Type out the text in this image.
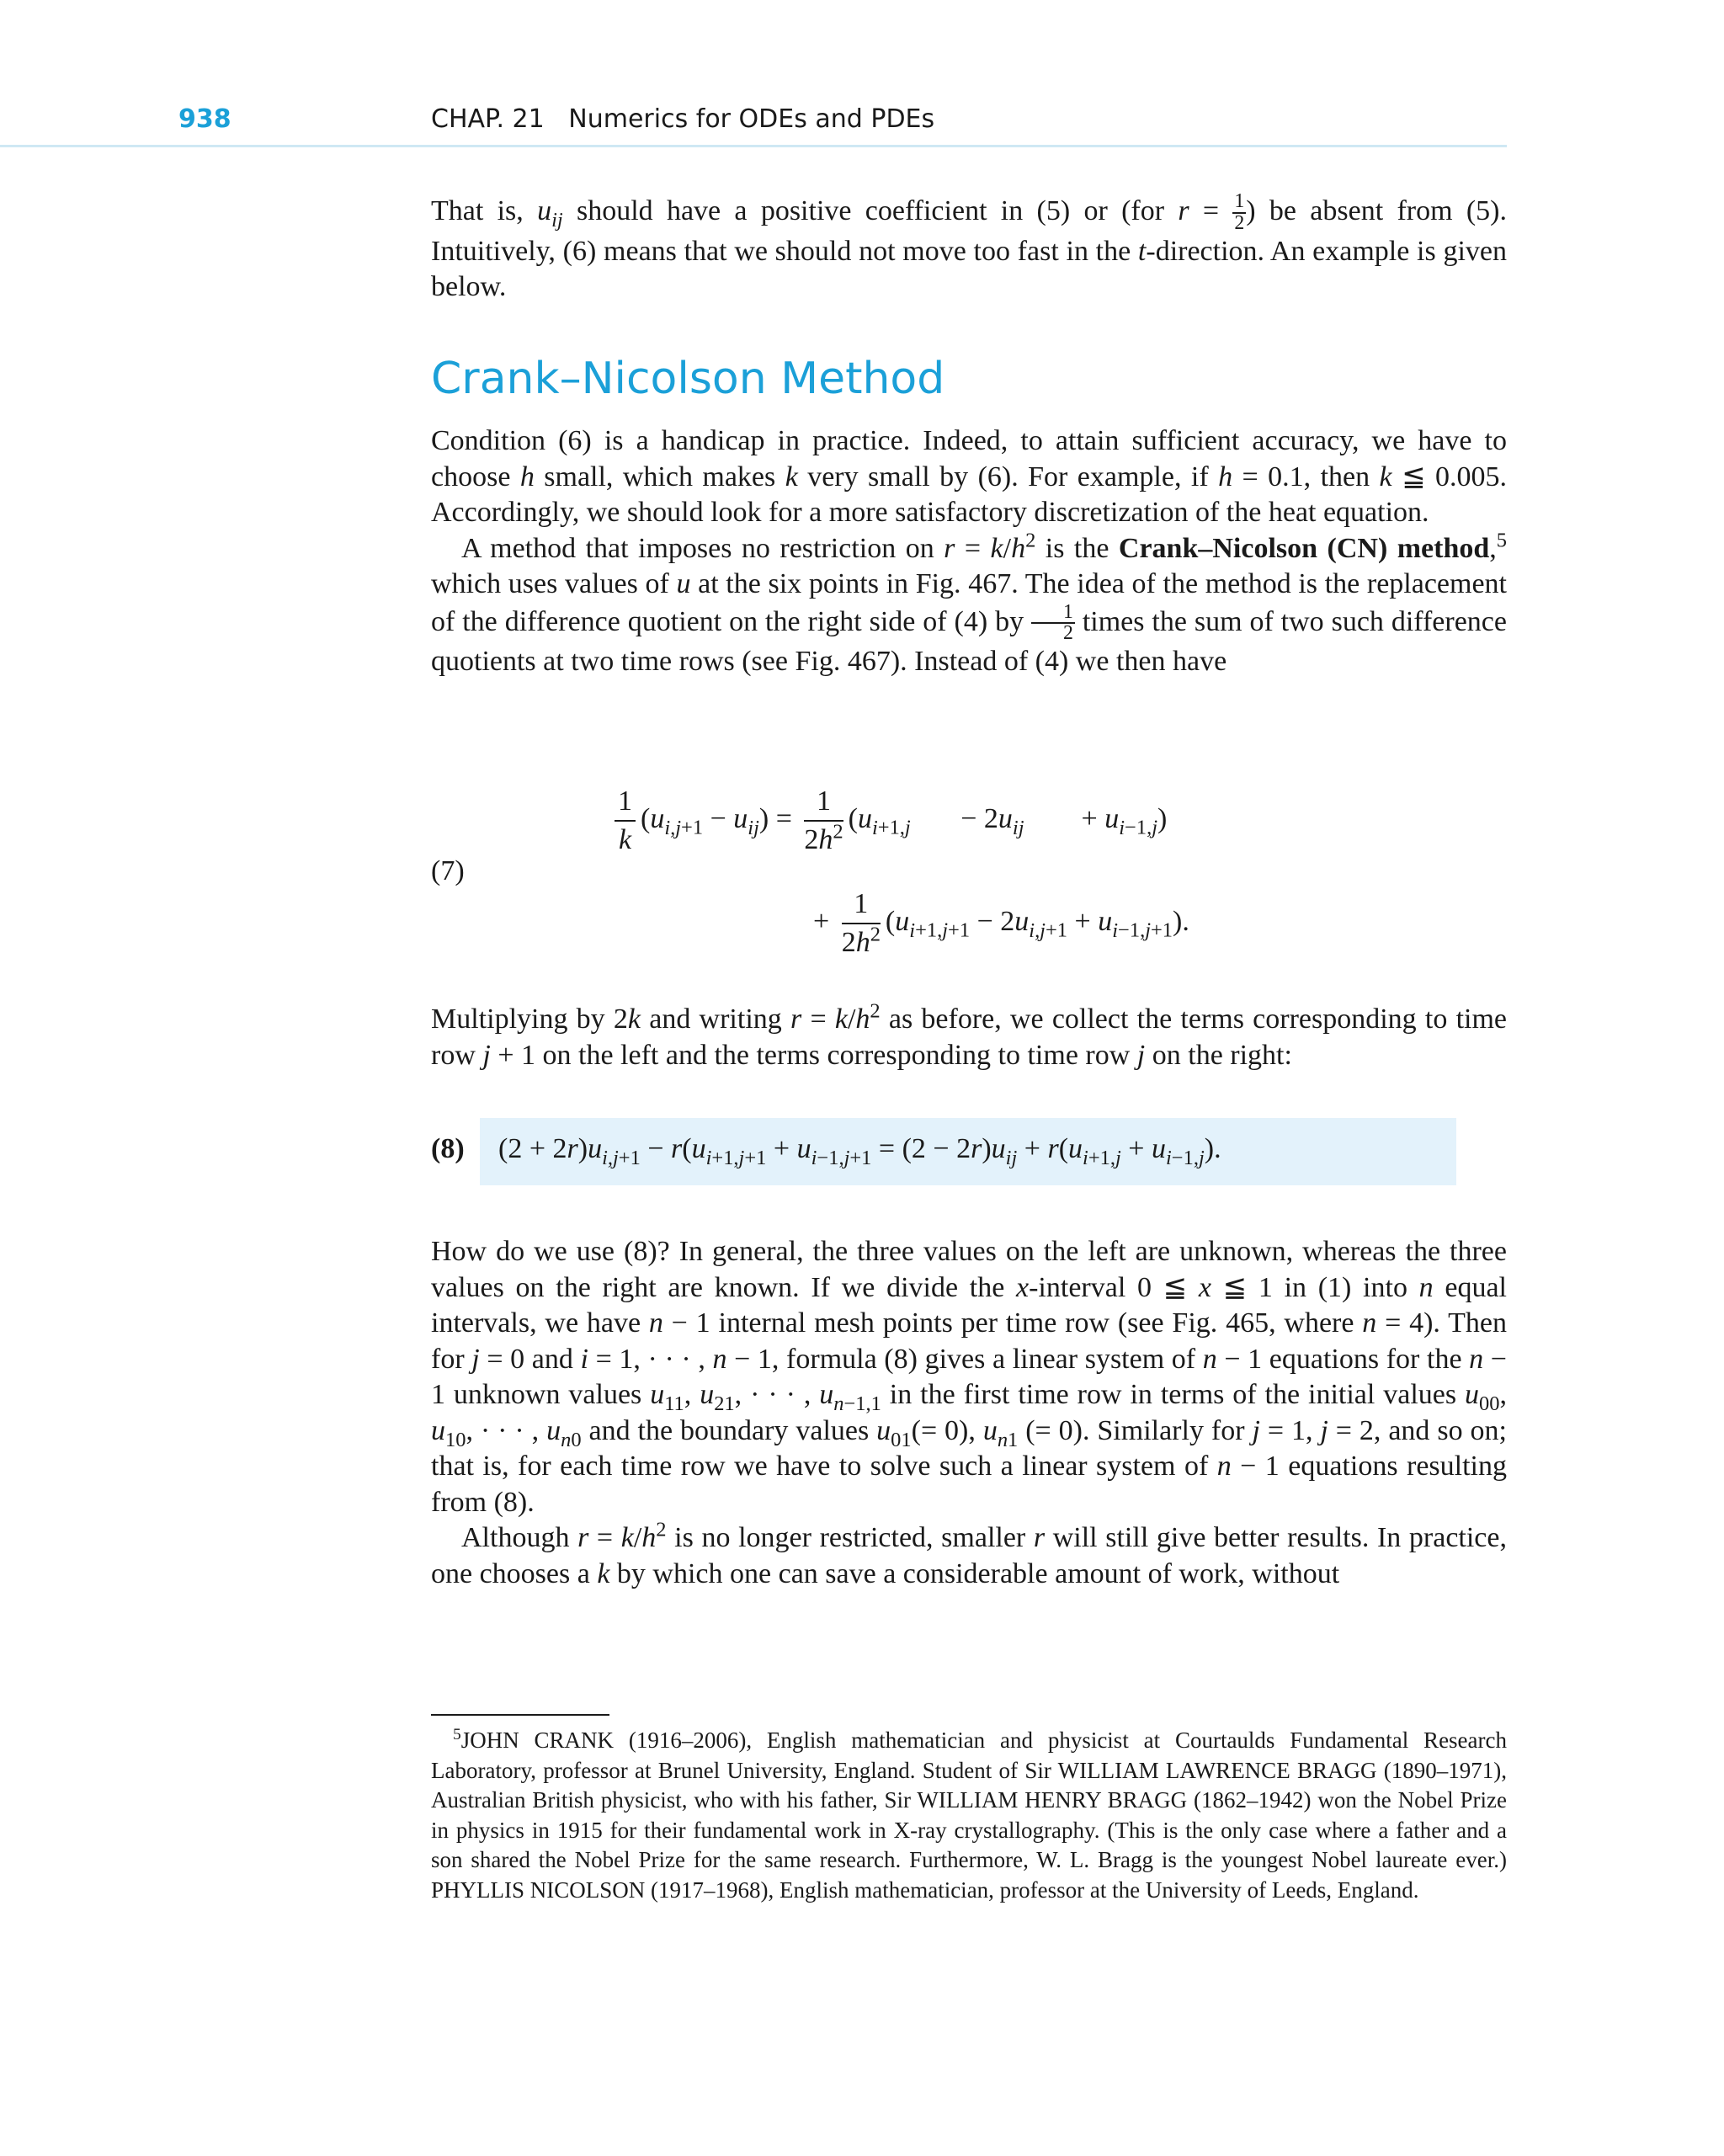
938	CHAP. 21   Numerics for ODEs and PDEs

That is, $u_{ij}$ should have a positive coefficient in (5) or (for $r = \frac{1}{2}$ ) be absent from (5). Intuitively, (6) means that we should not move too fast in the t-direction. An example is given below.

Crank–Nicolson Method

Condition (6) is a handicap in practice. Indeed, to attain sufficient accuracy, we have to choose h small, which makes k very small by (6). For example, if h = 0.1, then k ≦ 0.005. Accordingly, we should look for a more satisfactory discretization of the heat equation.

A method that imposes no restriction on $r = k/h^2$ is the Crank–Nicolson (CN) method,$^5$ which uses values of u at the six points in Fig. 467. The idea of the method is the replacement of the difference quotient on the right side of (4) by $\frac{1}{2}$ times the sum of two such difference quotients at two time rows (see Fig. 467). Instead of (4) we then have

(7)
$\frac{1}{k} (u_{i,j+1} - u_{ij}) = \frac{1}{2h^2} (u_{i+1,j}$       − $2u_{ij}$        + $u_{i-1,j}$)
+ $\frac{1}{2h^2} (u_{i+1,j+1} - 2u_{i,j+1} + u_{i-1,j+1})$.

Multiplying by 2k and writing $r = k/h^2$ as before, we collect the terms corresponding to time row j + 1 on the left and the terms corresponding to time row j on the right:

(8) $(2 + 2r)u_{i,j+1} - r(u_{i+1,j+1} + u_{i-1,j+1} = (2 - 2r)u_{ij} + r(u_{i+1,j} + u_{i-1,j})$.

How do we use (8)? In general, the three values on the left are unknown, whereas the three values on the right are known. If we divide the x-interval 0 ≦ x ≦ 1 in (1) into n equal intervals, we have n − 1 internal mesh points per time row (see Fig. 465, where n = 4). Then for j = 0 and i = 1, · · · , n − 1, formula (8) gives a linear system of n − 1 equations for the n − 1 unknown values $u_{11}$, $u_{21}$, · · · , $u_{n-1,1}$ in the first time row in terms of the initial values $u_{00}$, $u_{10}$, · · · , $u_{n0}$ and the boundary values $u_{01}(= 0)$, $u_{n1}$ (= 0). Similarly for j = 1, j = 2, and so on; that is, for each time row we have to solve such a linear system of n − 1 equations resulting from (8).

Although $r = k/h^2$ is no longer restricted, smaller r will still give better results. In practice, one chooses a k by which one can save a considerable amount of work, without

$^5$JOHN CRANK (1916–2006), English mathematician and physicist at Courtaulds Fundamental Research Laboratory, professor at Brunel University, England. Student of Sir WILLIAM LAWRENCE BRAGG (1890–1971), Australian British physicist, who with his father, Sir WILLIAM HENRY BRAGG (1862–1942) won the Nobel Prize in physics in 1915 for their fundamental work in X-ray crystallography. (This is the only case where a father and a son shared the Nobel Prize for the same research. Furthermore, W. L. Bragg is the youngest Nobel laureate ever.) PHYLLIS NICOLSON (1917–1968), English mathematician, professor at the University of Leeds, England.
